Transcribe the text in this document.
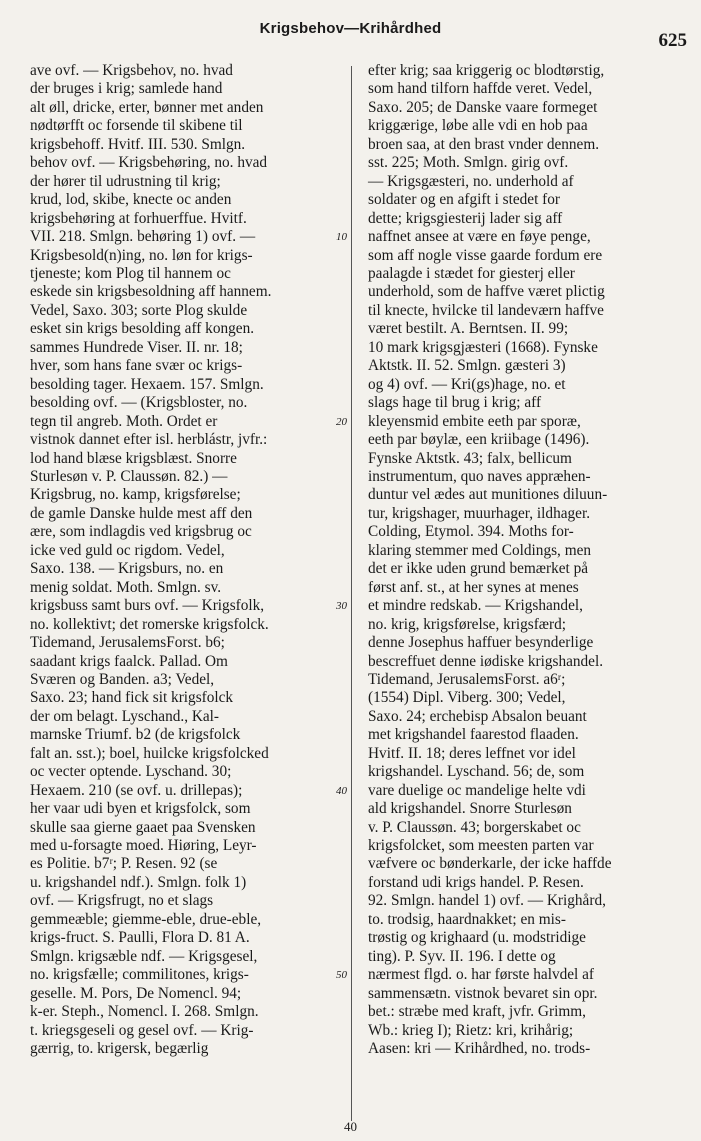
Krigsbehov—Krihårdhed
625
ave ovf. — Krigsbehov, no. hvad
der bruges i krig; samlede hand
alt øll, dricke, erter, bønner met anden
nødtørfft oc forsende til skibene til
krigsbehoff. Hvitf. III. 530. Smlgn.
behov ovf. — Krigsbehøring, no. hvad
der hører til udrustning til krig;
krud, lod, skibe, knecte oc anden
krigsbehøring at forhuerffue. Hvitf.
VII. 218. Smlgn. behøring 1) ovf. —
Krigsbesold(n)ing, no. løn for krigs-
tjeneste; kom Plog til hannem oc
eskede sin krigsbesoldning aff hannem.
Vedel, Saxo. 303; sorte Plog skulde
esket sin krigs besolding aff kongen.
sammes Hundrede Viser. II. nr. 18;
hver, som hans fane svær oc krigs-
besolding tager. Hexaem. 157. Smlgn.
besolding ovf. — (Krigsbloster, no.
tegn til angreb. Moth. Ordet er
vistnok dannet efter isl. herblástr, jvfr.:
lod hand blæse krigsblæst. Snorre
Sturlesøn v. P. Claussøn. 82.) —
Krigsbrug, no. kamp, krigsførelse;
de gamle Danske hulde mest aff den
ære, som indlagdis ved krigsbrug oc
icke ved guld oc rigdom. Vedel,
Saxo. 138. — Krigsburs, no. en
menig soldat. Moth. Smlgn. sv.
krigsbuss samt burs ovf. — Krigsfolk,
no. kollektivt; det romerske krigsfolck.
Tidemand, JerusalemsForst. b6;
saadant krigs faalck. Pallad. Om
Sværen og Banden. a3; Vedel,
Saxo. 23; hand fick sit krigsfolck
der om belagt. Lyschand., Kal-
marnske Triumf. b2 (de krigsfolck
falt an. sst.); boel, huilcke krigsfolcked
oc vecter optende. Lyschand. 30;
Hexaem. 210 (se ovf. u. drillepas);
her vaar udi byen et krigsfolck, som
skulle saa gierne gaaet paa Svensken
med u-forsagte moed. Hiøring, Leyr-
es Politie. b7ʳ; P. Resen. 92 (se
u. krigshandel ndf.). Smlgn. folk 1)
ovf. — Krigsfrugt, no et slags
gemmeæble; giemme-eble, drue-eble,
krigs-fruct. S. Paulli, Flora D. 81 A.
Smlgn. krigsæble ndf. — Krigsgesel,
no. krigsfælle; commilitones, krigs-
geselle. M. Pors, De Nomencl. 94;
k-er. Steph., Nomencl. I. 268. Smlgn.
t. kriegsgeseli og gesel ovf. — Krig-
gærrig, to. krigersk, begærlig
efter krig; saa kriggerig oc blodtørstig,
som hand tilforn haffde veret. Vedel,
Saxo. 205; de Danske vaare formeget
kriggærige, løbe alle vdi en hob paa
broen saa, at den brast vnder dennem.
sst. 225; Moth. Smlgn. girig ovf.
— Krigsgæsteri, no. underhold af
soldater og en afgift i stedet for
dette; krigsgiesterij lader sig aff
naffnet ansee at være en føye penge,
som aff nogle visse gaarde fordum ere
paalagde i stædet for giesterj eller
underhold, som de haffve været plictig
til knecte, hvilcke til landeværn haffve
været bestilt. A. Berntsen. II. 99;
10 mark krigsgjæsteri (1668). Fynske
Aktstk. II. 52. Smlgn. gæsteri 3)
og 4) ovf. — Kri(gs)hage, no. et
slags hage til brug i krig; aff
kleyensmid embite eeth par sporæ,
eeth par bøylæ, een kriibage (1496).
Fynske Aktstk. 43; falx, bellicum
instrumentum, quo naves appræhen-
duntur vel ædes aut munitiones diluun-
tur, krigshager, muurhager, ildhager.
Colding, Etymol. 394. Moths for-
klaring stemmer med Coldings, men
det er ikke uden grund bemærket på
først anf. st., at her synes at menes
et mindre redskab. — Krigshandel,
no. krig, krigsførelse, krigsfærd;
denne Josephus haffuer besynderlige
bescreffuet denne iødiske krigshandel.
Tidemand, JerusalemsForst. a6ʳ;
(1554) Dipl. Viberg. 300; Vedel,
Saxo. 24; erchebisp Absalon beuant
met krigshandel faarestod flaaden.
Hvitf. II. 18; deres leffnet vor idel
krigshandel. Lyschand. 56; de, som
vare duelige oc mandelige helte vdi
ald krigshandel. Snorre Sturlesøn
v. P. Claussøn. 43; borgerskabet oc
krigsfolcket, som meesten parten var
væfvere oc bønderkarle, der icke haffde
forstand udi krigs handel. P. Resen.
92. Smlgn. handel 1) ovf. — Krighård,
to. trodsig, haardnakket; en mis-
trøstig og krighaard (u. modstridige
ting). P. Syv. II. 196. I dette og
nærmest flgd. o. har første halvdel af
sammensætn. vistnok bevaret sin opr.
bet.: stræbe med kraft, jvfr. Grimm,
Wb.: krieg I); Rietz: kri, krihårig;
Aasen: kri — Krihårdhed, no. trods-
10
20
30
40
50
40
